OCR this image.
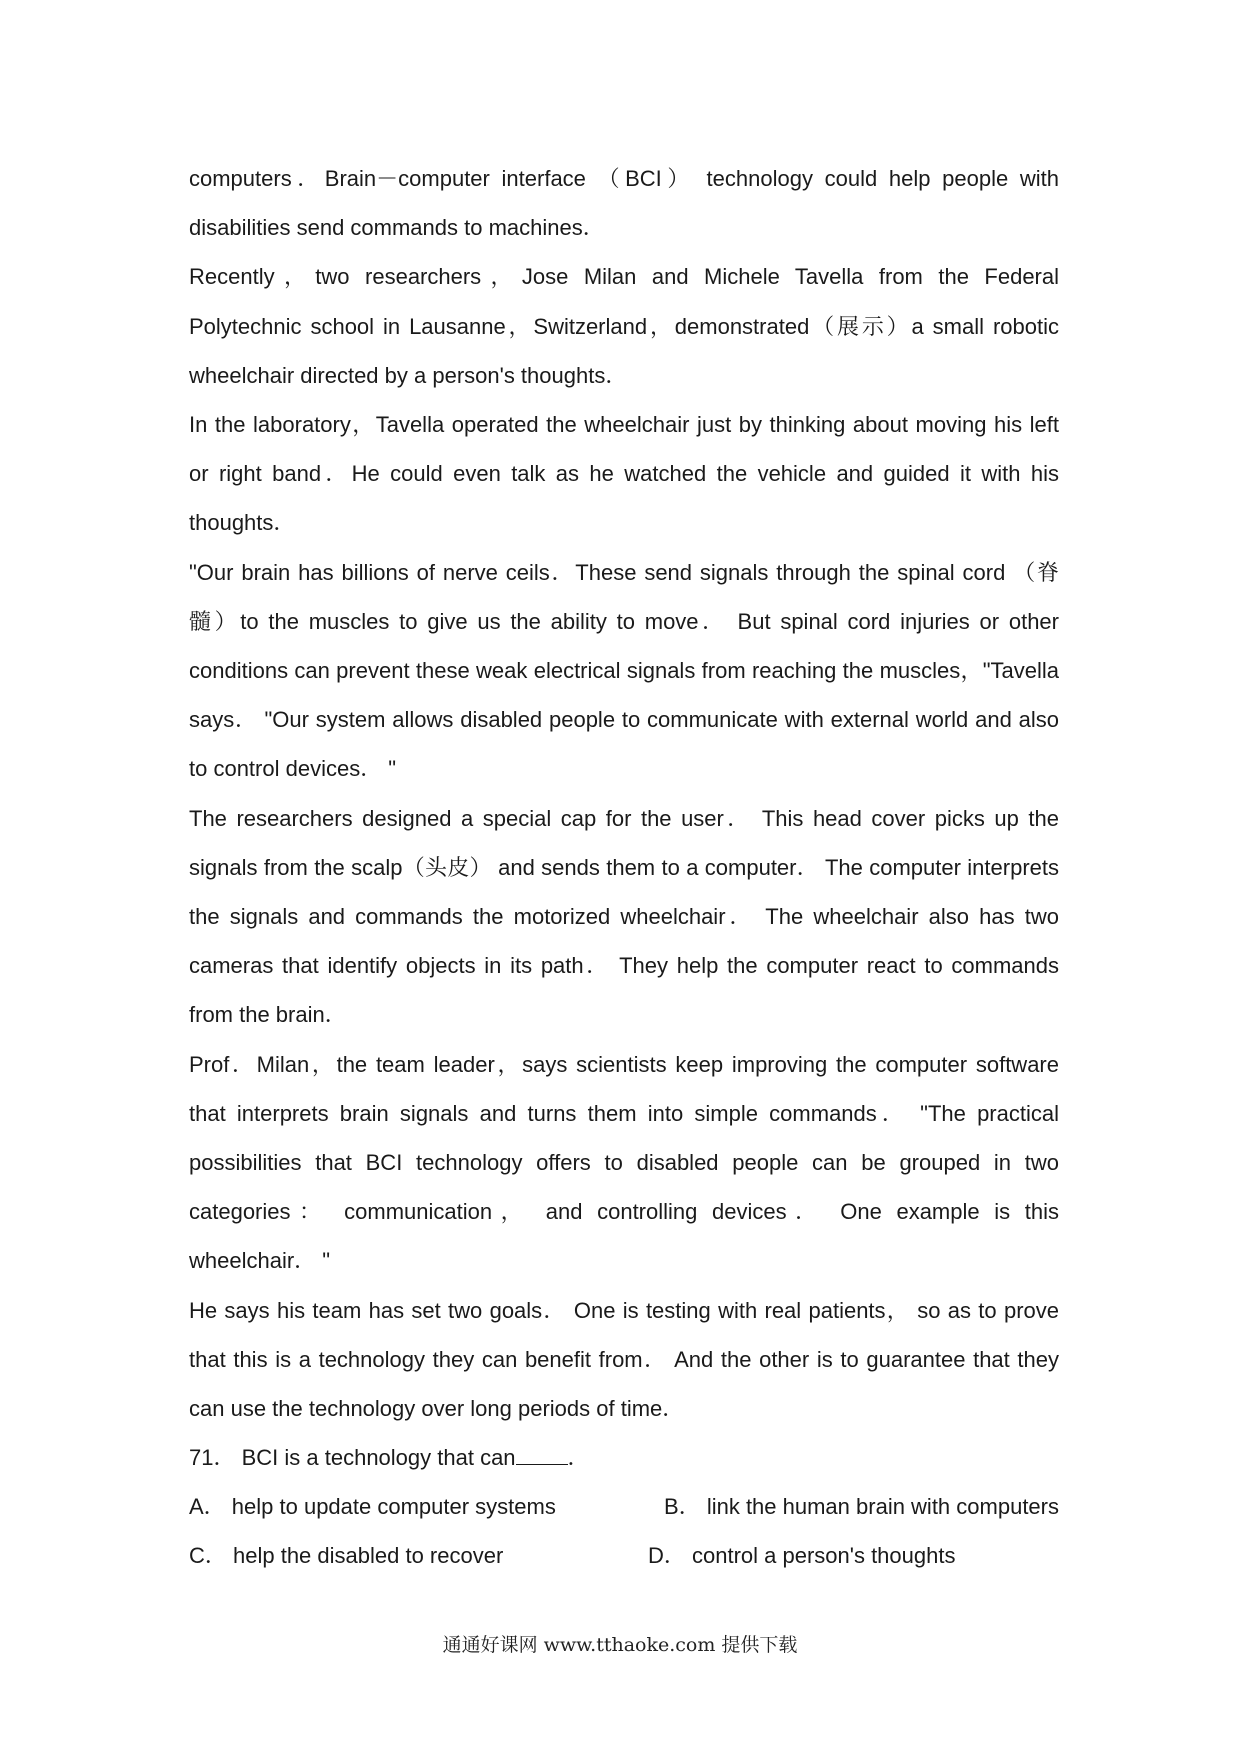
computers．Brain－computer interface （BCI） technology could help people with disabilities send commands to machines．

Recently，two researchers，Jose Milan and Michele Tavella from the Federal Polytechnic school in Lausanne，Switzerland，demonstrated（展示）a small robotic wheelchair directed by a person's thoughts．

In the laboratory，Tavella operated the wheelchair just by thinking about moving his left or right band．He could even talk as he watched the vehicle and guided it with his thoughts．

"Our brain has billions of nerve ceils．These send signals through the spinal cord （脊髓）to the muscles to give us the ability to move． But spinal cord injuries or other conditions can prevent these weak electrical signals from reaching the muscles，"Tavella says． "Our system allows disabled people to communicate with external world and also to control devices． "

The researchers designed a special cap for the user． This head cover picks up the signals from the scalp（头皮） and sends them to a computer． The computer interprets the signals and commands the motorized wheelchair． The wheelchair also has two cameras that identify objects in its path． They help the computer react to commands from the brain．

Prof．Milan，the team leader，says scientists keep improving the computer software that interprets brain signals and turns them into simple commands． "The practical possibilities that BCI technology offers to disabled people can be grouped in two categories： communication， and controlling devices． One example is this wheelchair． "

He says his team has set two goals． One is testing with real patients， so as to prove that this is a technology they can benefit from． And the other is to guarantee that they can use the technology over long periods of time．

71． BCI is a technology that can ．

A． help to update computer systems	B． link the human brain with computers
C． help the disabled to recover	D． control a person's thoughts
通通好课网 www.tthaoke.com 提供下载
